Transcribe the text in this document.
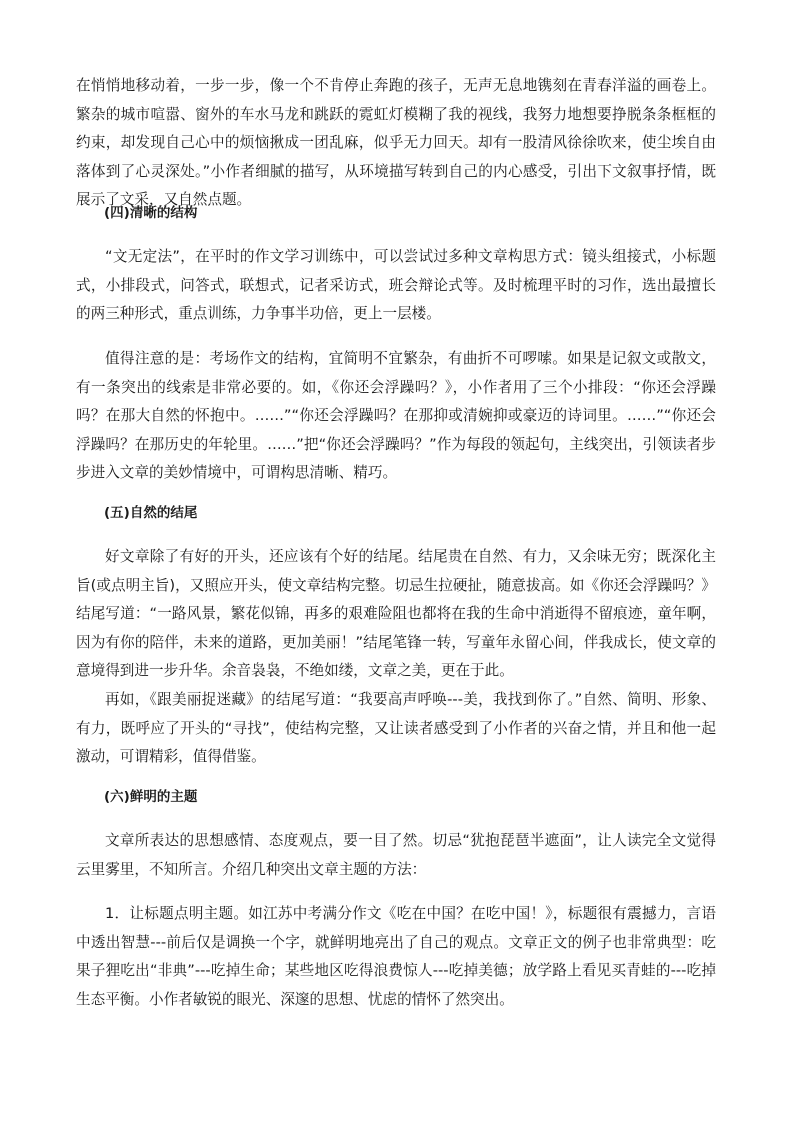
在悄悄地移动着，一步一步，像一个不肯停止奔跑的孩子，无声无息地镌刻在青春洋溢的画卷上。繁杂的城市喧嚣、窗外的车水马龙和跳跃的霓虹灯模糊了我的视线，我努力地想要挣脱条条框框的约束，却发现自己心中的烦恼揪成一团乱麻，似乎无力回天。却有一股清风徐徐吹来，使尘埃自由落体到了心灵深处。”小作者细腻的描写，从环境描写转到自己的内心感受，引出下文叙事抒情，既展示了文采，又自然点题。

(四)清晰的结构

“文无定法”，在平时的作文学习训练中，可以尝试过多种文章构思方式：镜头组接式，小标题式，小排段式，问答式，联想式，记者采访式，班会辩论式等。及时梳理平时的习作，选出最擅长的两三种形式，重点训练，力争事半功倍，更上一层楼。

值得注意的是：考场作文的结构，宜简明不宜繁杂，有曲折不可啰嗦。如果是记叙文或散文，有一条突出的线索是非常必要的。如，《你还会浮躁吗？》，小作者用了三个小排段：“你还会浮躁吗？在那大自然的怀抱中。……”“你还会浮躁吗？在那抑或清婉抑或豪迈的诗词里。……”“你还会浮躁吗？在那历史的年轮里。……”把“你还会浮躁吗？”作为每段的领起句，主线突出，引领读者步步进入文章的美妙情境中，可谓构思清晰、精巧。

(五)自然的结尾

好文章除了有好的开头，还应该有个好的结尾。结尾贵在自然、有力，又余味无穷；既深化主旨(或点明主旨)，又照应开头，使文章结构完整。切忌生拉硬扯，随意拔高。如《你还会浮躁吗？》结尾写道：“一路风景，繁花似锦，再多的艰难险阻也都将在我的生命中消逝得不留痕迹，童年啊，因为有你的陪伴，未来的道路，更加美丽！”结尾笔锋一转，写童年永留心间，伴我成长，使文章的意境得到进一步升华。余音袅袅，不绝如缕，文章之美，更在于此。

再如，《跟美丽捉迷藏》的结尾写道：“我要高声呼唤---美，我找到你了。”自然、简明、形象、有力，既呼应了开头的“寻找”，使结构完整，又让读者感受到了小作者的兴奋之情，并且和他一起激动，可谓精彩，值得借鉴。

(六)鲜明的主题

文章所表达的思想感情、态度观点，要一目了然。切忌“犹抱琵琶半遮面”，让人读完全文觉得云里雾里，不知所言。介绍几种突出文章主题的方法：

1．让标题点明主题。如江苏中考满分作文《吃在中国？在吃中国！》，标题很有震撼力，言语中透出智慧---前后仅是调换一个字，就鲜明地亮出了自己的观点。文章正文的例子也非常典型：吃果子狸吃出“非典”---吃掉生命；某些地区吃得浪费惊人---吃掉美德；放学路上看见买青蛙的---吃掉生态平衡。小作者敏锐的眼光、深邃的思想、忧虑的情怀了然突出。
